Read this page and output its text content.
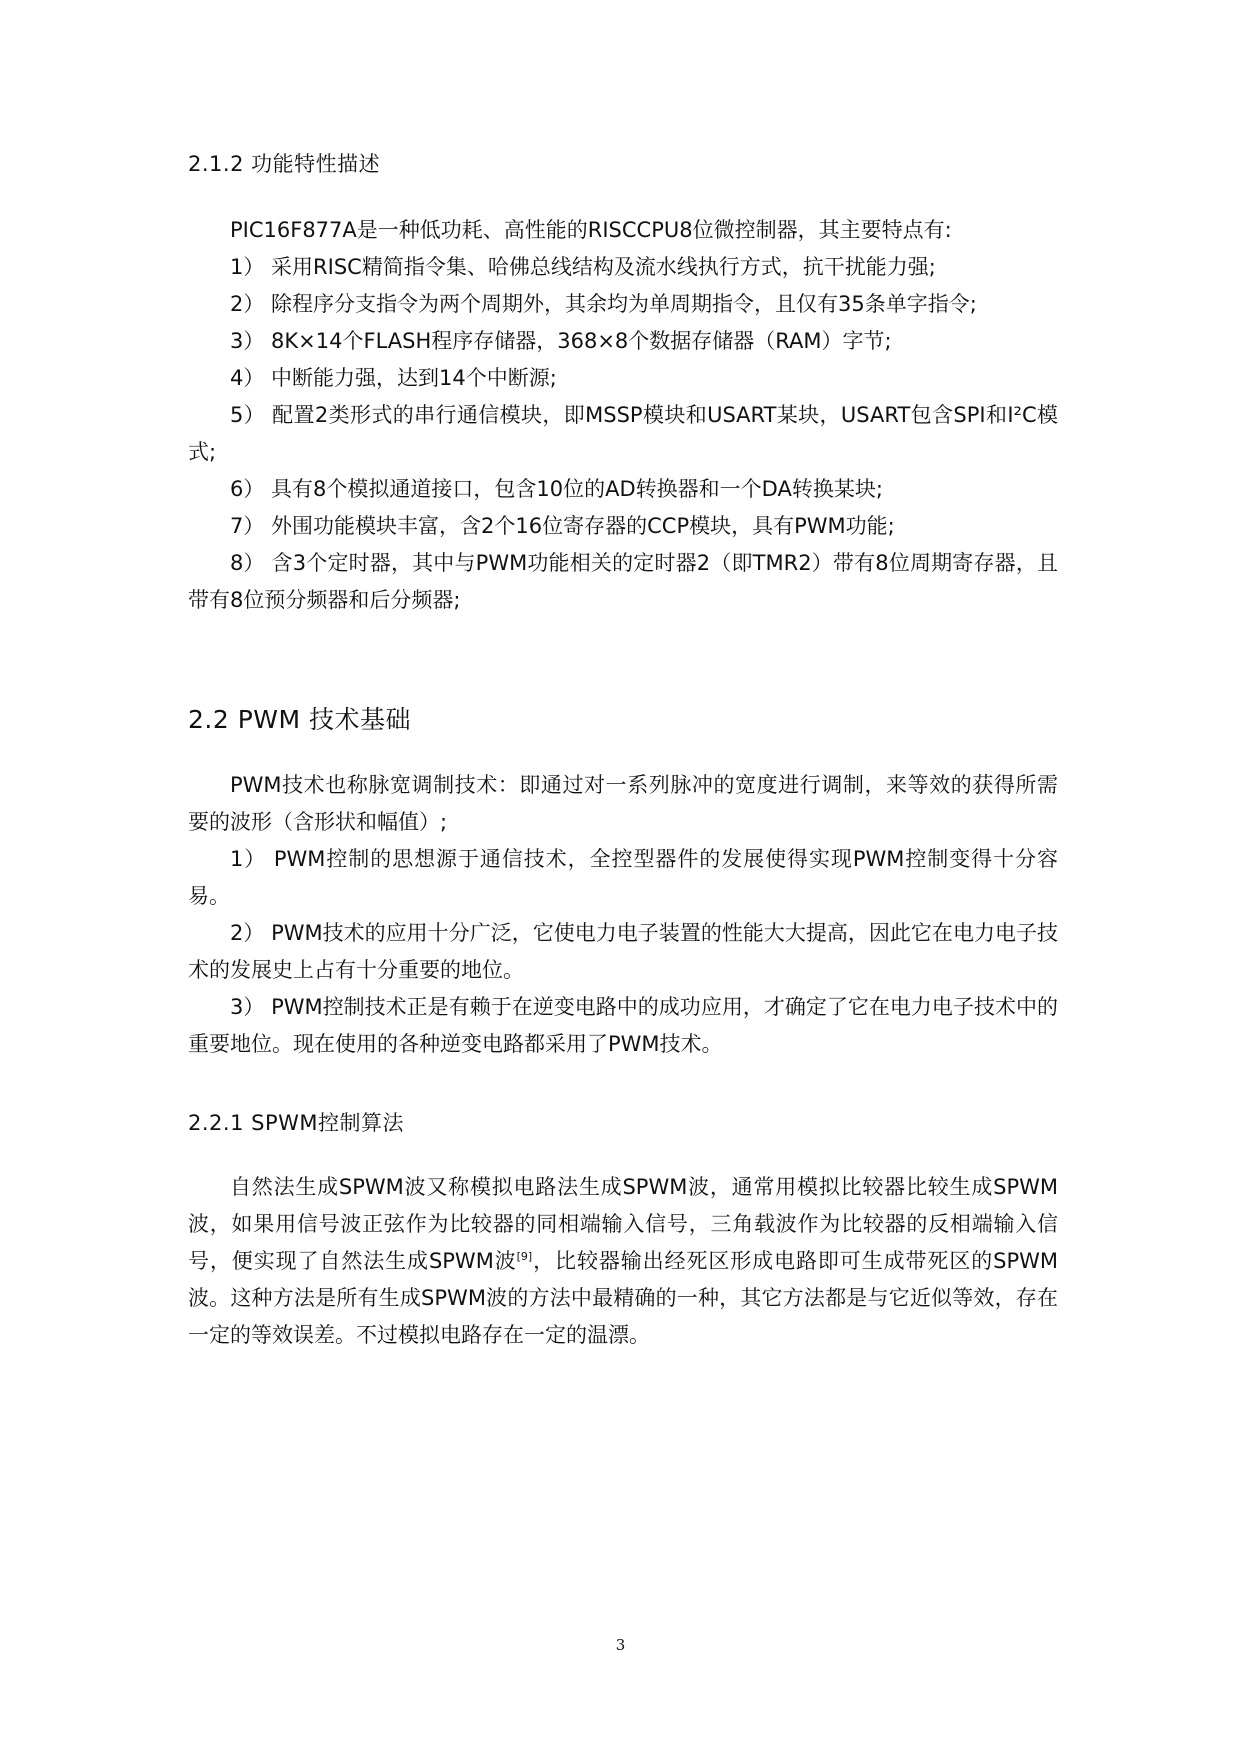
2.1.2 功能特性描述
PIC16F877A是一种低功耗、高性能的RISCCPU8位微控制器，其主要特点有:
1） 采用RISC精简指令集、哈佛总线结构及流水线执行方式，抗干扰能力强;
2） 除程序分支指令为两个周期外，其余均为单周期指令，且仅有35条单字指令;
3） 8K×14个FLASH程序存储器，368×8个数据存储器（RAM）字节;
4） 中断能力强，达到14个中断源;
5） 配置2类形式的串行通信模块，即MSSP模块和USART某块，USART包含SPI和I²C模式;
6） 具有8个模拟通道接口，包含10位的AD转换器和一个DA转换某块;
7） 外围功能模块丰富，含2个16位寄存器的CCP模块，具有PWM功能;
8） 含3个定时器，其中与PWM功能相关的定时器2（即TMR2）带有8位周期寄存器，且带有8位预分频器和后分频器;
2.2 PWM 技术基础
PWM技术也称脉宽调制技术：即通过对一系列脉冲的宽度进行调制，来等效的获得所需要的波形（含形状和幅值）;
1） PWM控制的思想源于通信技术，全控型器件的发展使得实现PWM控制变得十分容易。
2） PWM技术的应用十分广泛，它使电力电子装置的性能大大提高，因此它在电力电子技术的发展史上占有十分重要的地位。
3） PWM控制技术正是有赖于在逆变电路中的成功应用，才确定了它在电力电子技术中的重要地位。现在使用的各种逆变电路都采用了PWM技术。
2.2.1 SPWM控制算法
自然法生成SPWM波又称模拟电路法生成SPWM波，通常用模拟比较器比较生成SPWM波，如果用信号波正弦作为比较器的同相端输入信号，三角载波作为比较器的反相端输入信号，便实现了自然法生成SPWM波[9]，比较器输出经死区形成电路即可生成带死区的SPWM波。这种方法是所有生成SPWM波的方法中最精确的一种，其它方法都是与它近似等效，存在一定的等效误差。不过模拟电路存在一定的温漂。
3
